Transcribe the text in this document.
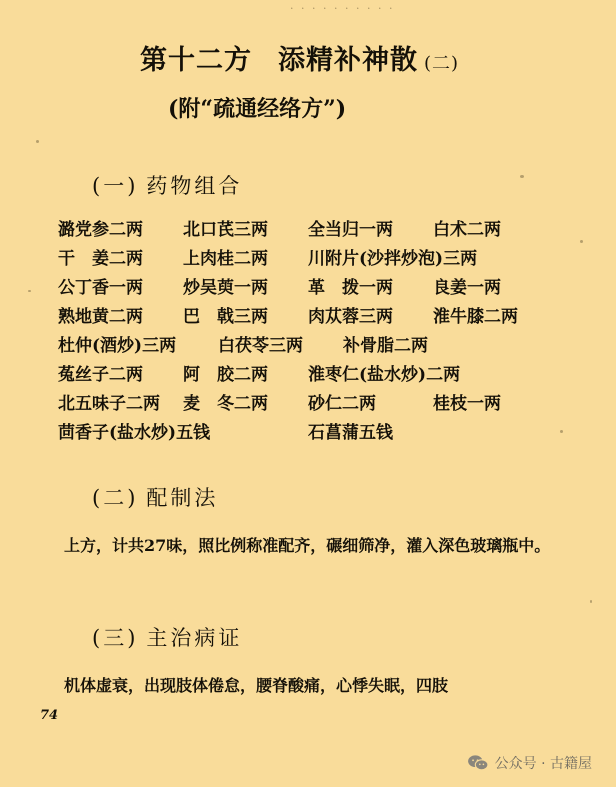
· · · · · · · · · ·
第十二方 添精补神散 (二)
(附“疏通经络方”)
(一) 药物组合
潞党参二两	北口芪三两	全当归一两	白术二两
干　姜二两	上肉桂二两	川附片(沙拌炒泡)三两
公丁香一两	炒吴萸一两	革　拨一两	良姜一两
熟地黄二两	巴　戟三两	肉苁蓉三两	淮牛膝二两
杜仲(酒炒)三两	白茯苓三两	补骨脂二两
菟丝子二两	阿　胶二两	淮枣仁(盐水炒)二两
北五味子二两	麦　冬二两	砂仁二两	桂枝一两
茴香子(盐水炒)五钱	石菖蒲五钱
(二) 配制法
上方，计共27味，照比例称准配齐，碾细筛净，灌入深色玻璃瓶中。
(三) 主治病证
机体虚衰，出现肢体倦怠，腰脊酸痛，心悸失眠，四肢
74
公众号 · 古籍屋
